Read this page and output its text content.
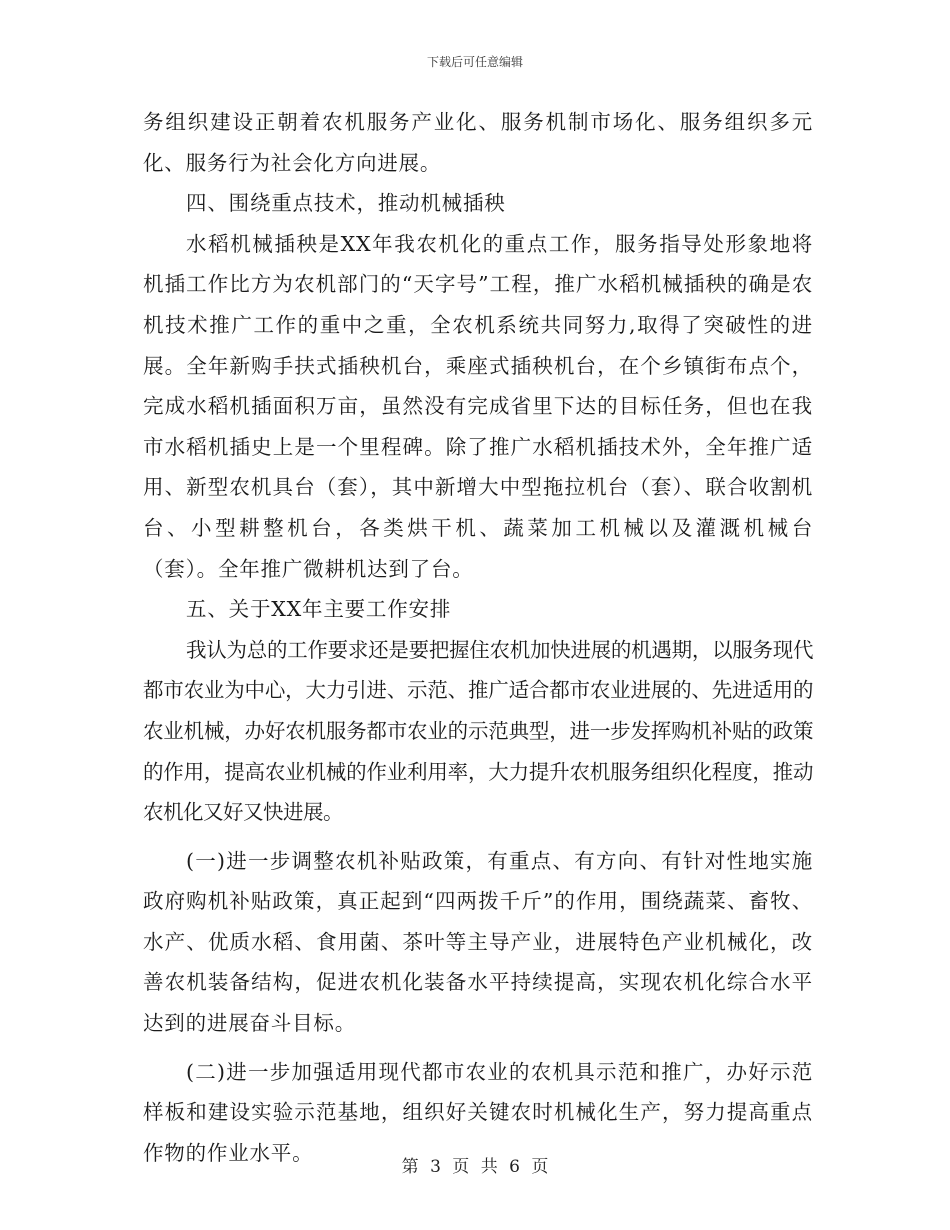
下载后可任意编辑

务组织建设正朝着农机服务产业化、服务机制市场化、服务组织多元化、服务行为社会化方向进展。

四、围绕重点技术，推动机械插秧

水稻机械插秧是XX年我农机化的重点工作，服务指导处形象地将机插工作比方为农机部门的“天字号”工程，推广水稻机械插秧的确是农机技术推广工作的重中之重，全农机系统共同努力,取得了突破性的进展。全年新购手扶式插秧机台，乘座式插秧机台，在个乡镇街布点个，完成水稻机插面积万亩，虽然没有完成省里下达的目标任务，但也在我市水稻机插史上是一个里程碑。除了推广水稻机插技术外，全年推广适用、新型农机具台（套），其中新增大中型拖拉机台（套）、联合收割机台、小型耕整机台，各类烘干机、蔬菜加工机械以及灌溉机械台（套）。全年推广微耕机达到了台。

五、关于XX年主要工作安排

我认为总的工作要求还是要把握住农机加快进展的机遇期，以服务现代都市农业为中心，大力引进、示范、推广适合都市农业进展的、先进适用的农业机械，办好农机服务都市农业的示范典型，进一步发挥购机补贴的政策的作用，提高农业机械的作业利用率，大力提升农机服务组织化程度，推动农机化又好又快进展。

(一)进一步调整农机补贴政策，有重点、有方向、有针对性地实施政府购机补贴政策，真正起到“四两拨千斤”的作用，围绕蔬菜、畜牧、水产、优质水稻、食用菌、茶叶等主导产业，进展特色产业机械化，改善农机装备结构，促进农机化装备水平持续提高，实现农机化综合水平达到的进展奋斗目标。

(二)进一步加强适用现代都市农业的农机具示范和推广，办好示范样板和建设实验示范基地，组织好关键农时机械化生产，努力提高重点作物的作业水平。

第 3 页 共 6 页
